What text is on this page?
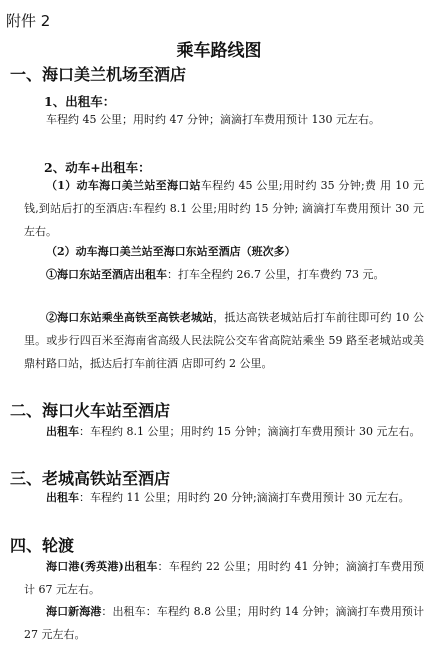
附件 2
乘车路线图
一、海口美兰机场至酒店
1、出租车：
车程约 45 公里；用时约 47 分钟；滴滴打车费用预计 130 元左右。
2、动车+出租车：
（1）动车海口美兰站至海口站车程约 45 公里;用时约 35 分钟;费 用 10 元钱,到站后打的至酒店:车程约 8.1 公里;用时约 15 分钟; 滴滴打车费用预计 30 元左右。
（2）动车海口美兰站至海口东站至酒店（班次多）
①海口东站至酒店出租车：打车全程约 26.7 公里，打车费约 73 元。
②海口东站乘坐高铁至高铁老城站，抵达高铁老城站后打车前往即可约 10 公里。或步行四百米至海南省高级人民法院公交车省高院站乘坐 59 路至老城站或美鼎村路口站，抵达后打车前往酒 店即可约 2 公里。
二、海口火车站至酒店
出租车：车程约 8.1 公里；用时约 15 分钟；滴滴打车费用预计 30 元左右。
三、老城高铁站至酒店
出租车：车程约 11 公里；用时约 20 分钟;滴滴打车费用预计 30 元左右。
四、轮渡
海口港(秀英港)出租车：车程约 22 公里；用时约 41 分钟；滴滴打车费用预计 67 元左右。
海口新海港：出租车：车程约 8.8 公里；用时约 14 分钟；滴滴打车费用预计 27 元左右。
